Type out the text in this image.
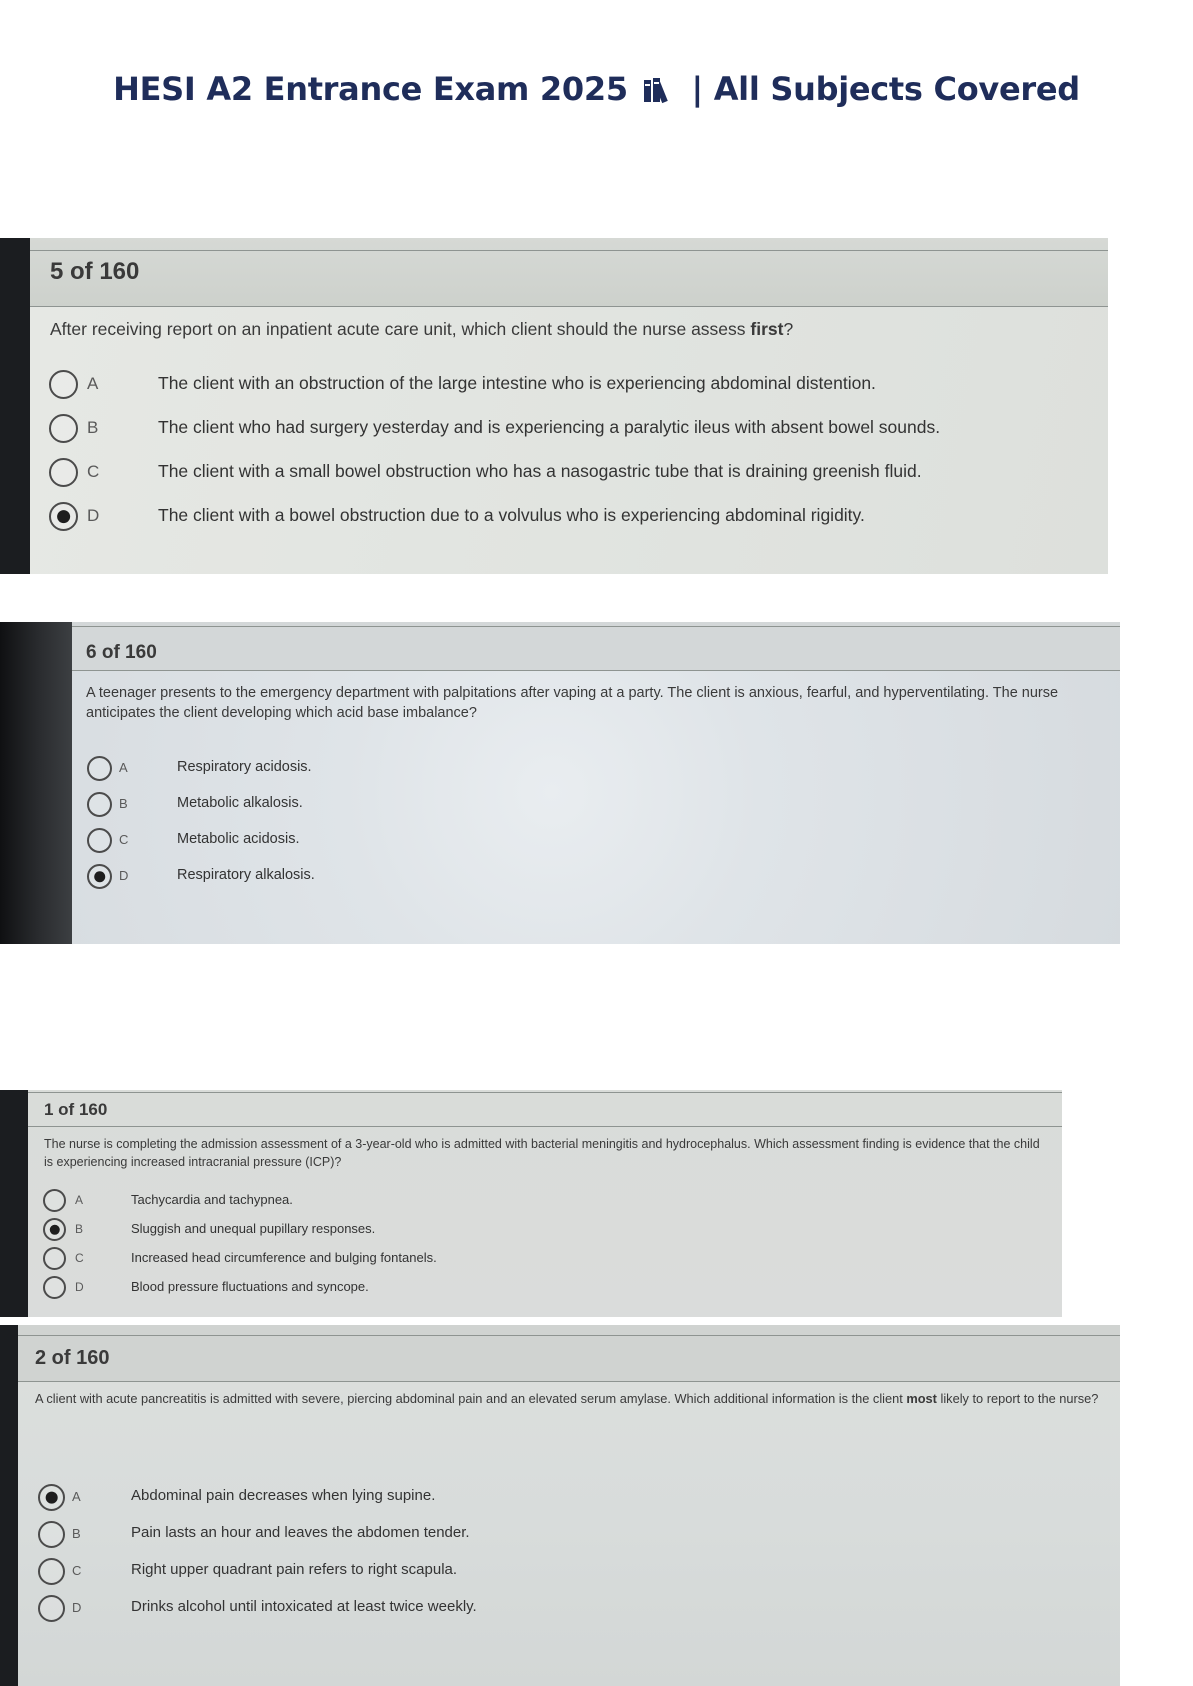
HESI A2 Entrance Exam 2025 | All Subjects Covered
5 of 160
After receiving report on an inpatient acute care unit, which client should the nurse assess first?
A	The client with an obstruction of the large intestine who is experiencing abdominal distention.
B	The client who had surgery yesterday and is experiencing a paralytic ileus with absent bowel sounds.
C	The client with a small bowel obstruction who has a nasogastric tube that is draining greenish fluid.
D	The client with a bowel obstruction due to a volvulus who is experiencing abdominal rigidity.
6 of 160
A teenager presents to the emergency department with palpitations after vaping at a party. The client is anxious, fearful, and hyperventilating. The nurse anticipates the client developing which acid base imbalance?
A	Respiratory acidosis.
B	Metabolic alkalosis.
C	Metabolic acidosis.
D	Respiratory alkalosis.
1 of 160
The nurse is completing the admission assessment of a 3-year-old who is admitted with bacterial meningitis and hydrocephalus. Which assessment finding is evidence that the child is experiencing increased intracranial pressure (ICP)?
A	Tachycardia and tachypnea.
B	Sluggish and unequal pupillary responses.
C	Increased head circumference and bulging fontanels.
D	Blood pressure fluctuations and syncope.
2 of 160
A client with acute pancreatitis is admitted with severe, piercing abdominal pain and an elevated serum amylase. Which additional information is the client most likely to report to the nurse?
A	Abdominal pain decreases when lying supine.
B	Pain lasts an hour and leaves the abdomen tender.
C	Right upper quadrant pain refers to right scapula.
D	Drinks alcohol until intoxicated at least twice weekly.
